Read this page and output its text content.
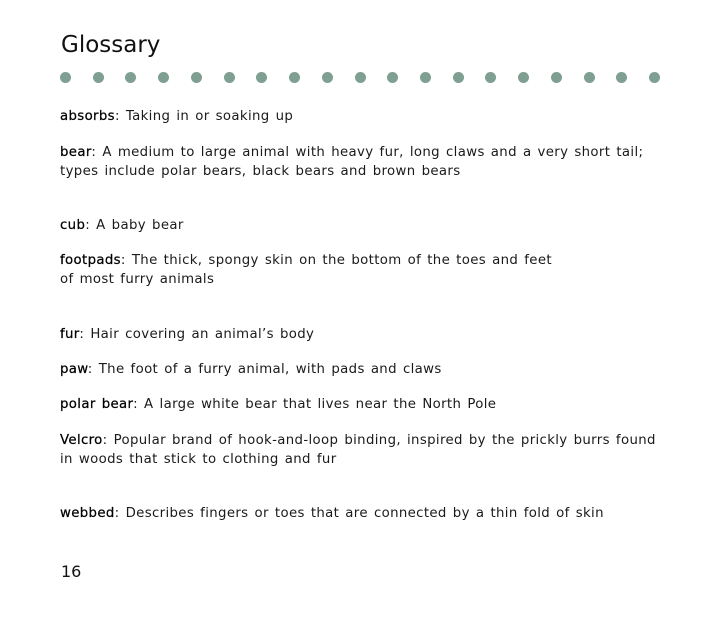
Glossary
absorbs: Taking in or soaking up
bear: A medium to large animal with heavy fur, long claws and a very short tail;
types include polar bears, black bears and brown bears
cub: A baby bear
footpads: The thick, spongy skin on the bottom of the toes and feet
of most furry animals
fur: Hair covering an animal’s body
paw: The foot of a furry animal, with pads and claws
polar bear: A large white bear that lives near the North Pole
Velcro: Popular brand of hook-and-loop binding, inspired by the prickly burrs found
in woods that stick to clothing and fur
webbed: Describes fingers or toes that are connected by a thin fold of skin
16
